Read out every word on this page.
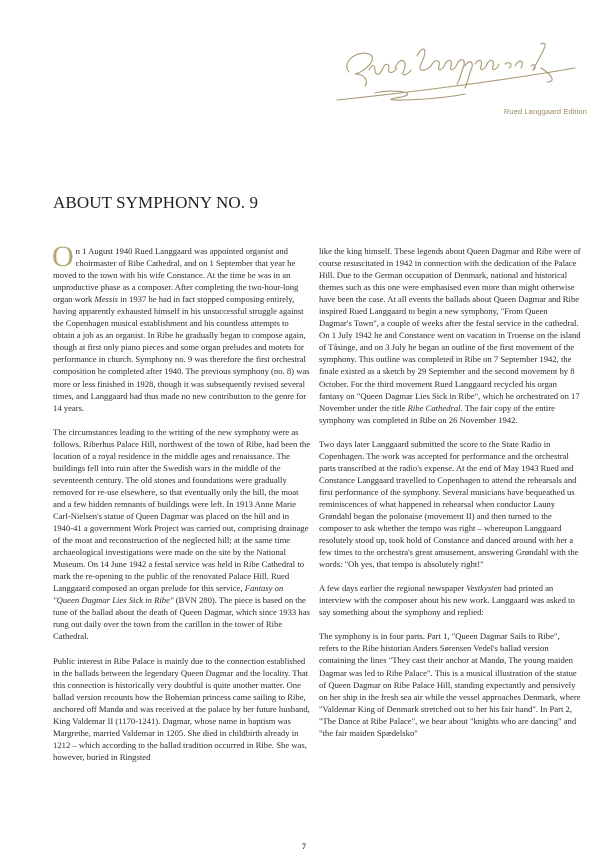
Rued Langgaard Edition
ABOUT SYMPHONY NO. 9

On 1 August 1940 Rued Langgaard was appointed organist and choirmaster of Ribe Cathedral, and on 1 September that year he moved to the town with his wife Constance. At the time he was in an unproductive phase as a composer. After completing the two-hour-long organ work Messis in 1937 he had in fact stopped composing entirely, having apparently exhausted himself in his unsuccessful struggle against the Copenhagen musical establishment and his countless attempts to obtain a job as an organist. In Ribe he gradually began to compose again, though at first only piano pieces and some organ preludes and motets for performance in church. Symphony no. 9 was therefore the first orchestral composition he completed after 1940. The previous symphony (no. 8) was more or less finished in 1928, though it was subsequently revised several times, and Langgaard had thus made no new contribution to the genre for 14 years.

The circumstances leading to the writing of the new symphony were as follows. Riberhus Palace Hill, northwest of the town of Ribe, had been the location of a royal residence in the middle ages and renaissance. The buildings fell into ruin after the Swedish wars in the middle of the seventeenth century. The old stones and foundations were gradually removed for re-use elsewhere, so that eventually only the hill, the moat and a few hidden remnants of buildings were left. In 1913 Anne Marie Carl-Nielsen's statue of Queen Dagmar was placed on the hill and in 1940-41 a government Work Project was carried out, comprising drainage of the moat and reconstruction of the neglected hill; at the same time archaeological investigations were made on the site by the National Museum. On 14 June 1942 a festal service was held in Ribe Cathedral to mark the re-opening to the public of the renovated Palace Hill. Rued Langgaard composed an organ prelude for this service, Fantasy on "Queen Dagmar Lies Sick in Ribe" (BVN 280). The piece is based on the tune of the ballad about the death of Queen Dagmar, which since 1933 has rung out daily over the town from the carillon in the tower of Ribe Cathedral.

Public interest in Ribe Palace is mainly due to the connection established in the ballads between the legendary Queen Dagmar and the locality. That this connection is historically very doubtful is quite another matter. One ballad version recounts how the Bohemian princess came sailing to Ribe, anchored off Mandø and was received at the palace by her future husband, King Valdemar II (1170-1241). Dagmar, whose name in baptism was Margrethe, married Valdemar in 1205. She died in childbirth already in 1212 – which according to the ballad tradition occurred in Ribe. She was, however, buried in Ringsted

like the king himself. These legends about Queen Dagmar and Ribe were of course resuscitated in 1942 in connection with the dedication of the Palace Hill. Due to the German occupation of Denmark, national and historical themes such as this one were emphasised even more than might otherwise have been the case. At all events the ballads about Queen Dagmar and Ribe inspired Rued Langgaard to begin a new symphony, "From Queen Dagmar's Town", a couple of weeks after the festal service in the cathedral. On 1 July 1942 he and Constance went on vacation in Troense on the island of Tåsinge, and on 3 July he began an outline of the first movement of the symphony. This outline was completed in Ribe on 7 September 1942, the finale existed as a sketch by 29 September and the second movement by 8 October. For the third movement Rued Langgaard recycled his organ fantasy on "Queen Dagmar Lies Sick in Ribe", which he orchestrated on 17 November under the title Ribe Cathedral. The fair copy of the entire symphony was completed in Ribe on 26 November 1942.

Two days later Langgaard submitted the score to the State Radio in Copenhagen. The work was accepted for performance and the orchestral parts transcribed at the radio's expense. At the end of May 1943 Rued and Constance Langgaard travelled to Copenhagen to attend the rehearsals and first performance of the symphony. Several musicians have bequeathed us reminiscences of what happened in rehearsal when conductor Launy Grøndahl began the polonaise (movement II) and then turned to the composer to ask whether the tempo was right – whereupon Langgaard resolutely stood up, took hold of Constance and danced around with her a few times to the orchestra's great amusement, answering Grøndahl with the words: "Oh yes, that tempo is absolutely right!"

A few days earlier the regional newspaper Vestkysten had printed an interview with the composer about his new work. Langgaard was asked to say something about the symphony and replied:

The symphony is in four parts. Part 1, "Queen Dagmar Sails to Ribe", refers to the Ribe historian Anders Sørensen Vedel's ballad version containing the lines "They cast their anchor at Mandø, The young maiden Dagmar was led to Ribe Palace". This is a musical illustration of the statue of Queen Dagmar on Ribe Palace Hill, standing expectantly and pensively on her ship in the fresh sea air while the vessel approaches Denmark, where "Valdemar King of Denmark stretched out to her his fair hand". In Part 2, "The Dance at Ribe Palace", we hear about "knights who are dancing" and "the fair maiden Spædelsko"

7
